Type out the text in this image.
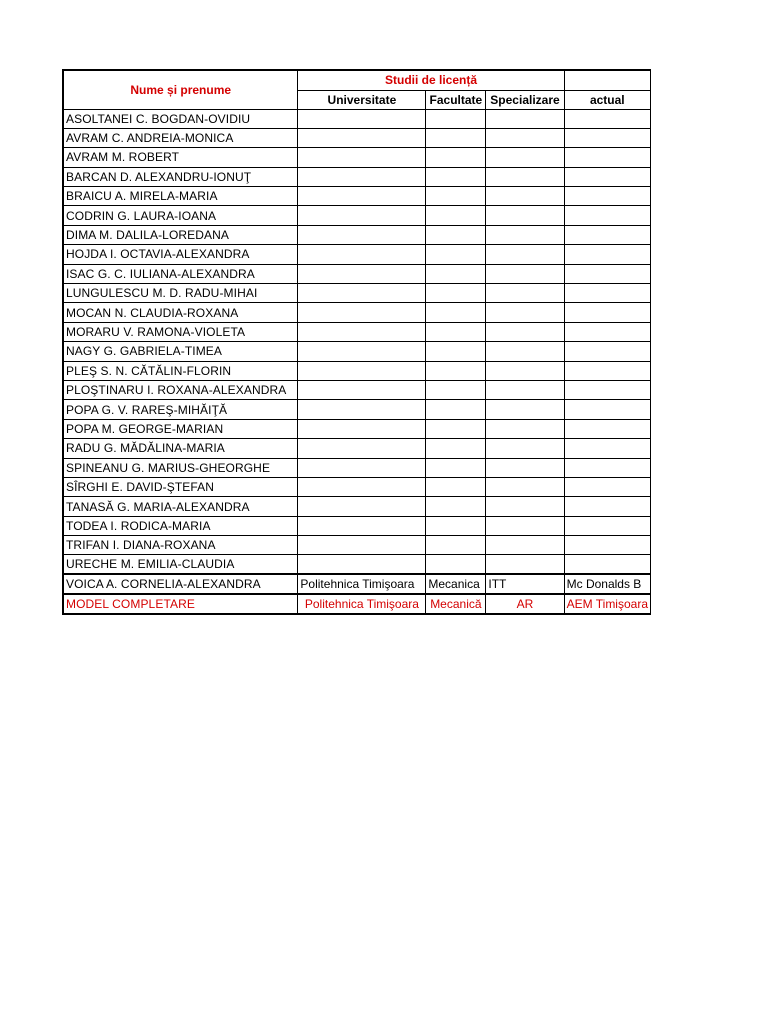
Nume și prenume	Studii de licență			
	Universitate	Facultate	Specializare	actual
ASOLTANEI C. BOGDAN-OVIDIU				
AVRAM C. ANDREIA-MONICA				
AVRAM M. ROBERT				
BARCAN D. ALEXANDRU-IONUŢ				
BRAICU A. MIRELA-MARIA				
CODRIN G. LAURA-IOANA				
DIMA M. DALILA-LOREDANA				
HOJDA I. OCTAVIA-ALEXANDRA				
ISAC G. C. IULIANA-ALEXANDRA				
LUNGULESCU M. D. RADU-MIHAI				
MOCAN N. CLAUDIA-ROXANA				
MORARU V. RAMONA-VIOLETA				
NAGY G. GABRIELA-TIMEA				
PLEŞ S. N. CĂTĂLIN-FLORIN				
PLOŞTINARU I. ROXANA-ALEXANDRA				
POPA G. V. RAREŞ-MIHĂIŢĂ				
POPA M. GEORGE-MARIAN				
RADU G. MĂDĂLINA-MARIA				
SPINEANU G. MARIUS-GHEORGHE				
SÎRGHI E. DAVID-ŞTEFAN				
TANASĂ G. MARIA-ALEXANDRA				
TODEA I. RODICA-MARIA				
TRIFAN I. DIANA-ROXANA				
URECHE M. EMILIA-CLAUDIA				
VOICA A. CORNELIA-ALEXANDRA	Politehnica Timişoara	Mecanica	ITT	Mc Donalds B
MODEL COMPLETARE	Politehnica Timişoara	Mecanică	AR	AEM Timişoara
